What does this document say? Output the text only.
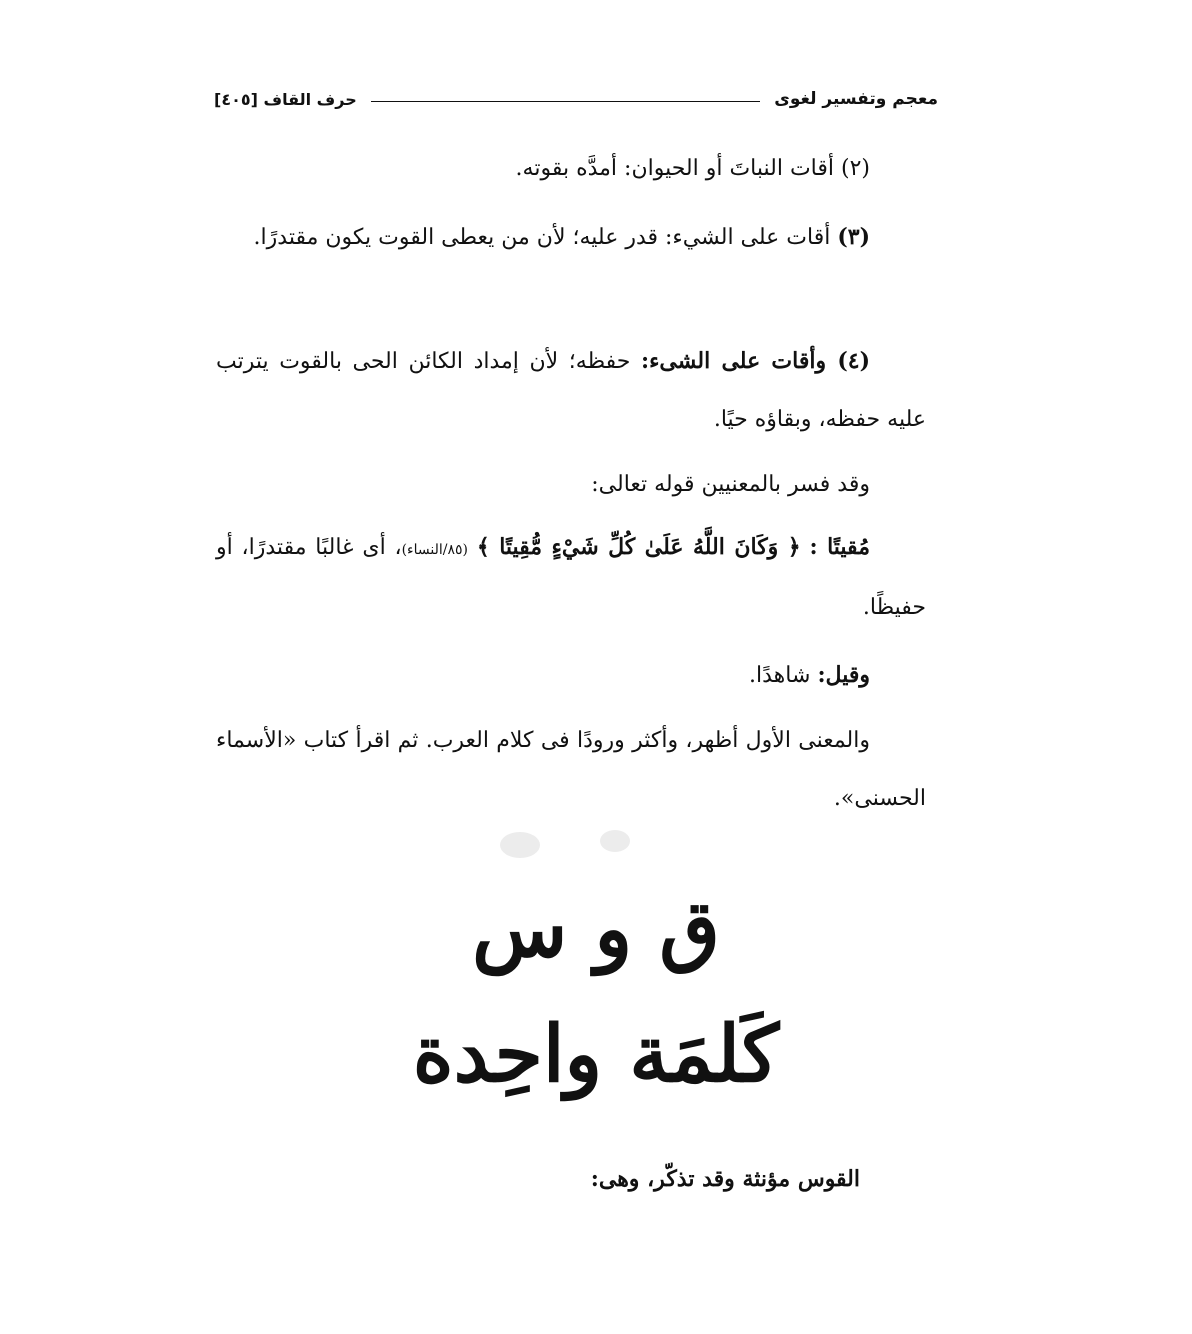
معجم وتفسير لغوى
حرف القاف [٤٠٥]
(٢) أقات النباتَ أو الحيوان: أمدَّه بقوته.
(٣) أقات على الشيء: قدر عليه؛ لأن من يعطى القوت يكون مقتدرًا.
(٤) وأقات على الشىء: حفظه؛ لأن إمداد الكائن الحى بالقوت يترتب عليه حفظه، وبقاؤه حيًا.
وقد فسر بالمعنيين قوله تعالى:
مُقيتًا : ﴿ وَكَانَ اللَّهُ عَلَىٰ كُلِّ شَيْءٍ مُّقِيتًا ﴾ (٨٥/النساء)، أى غالبًا مقتدرًا، أو حفيظًا.
وقيل: شاهدًا.
والمعنى الأول أظهر، وأكثر ورودًا فى كلام العرب. ثم اقرأ كتاب «الأسماء الحسنى».
ق و س
كَلمَة واحِدة
القوس مؤنثة وقد تذكّر، وهى:
